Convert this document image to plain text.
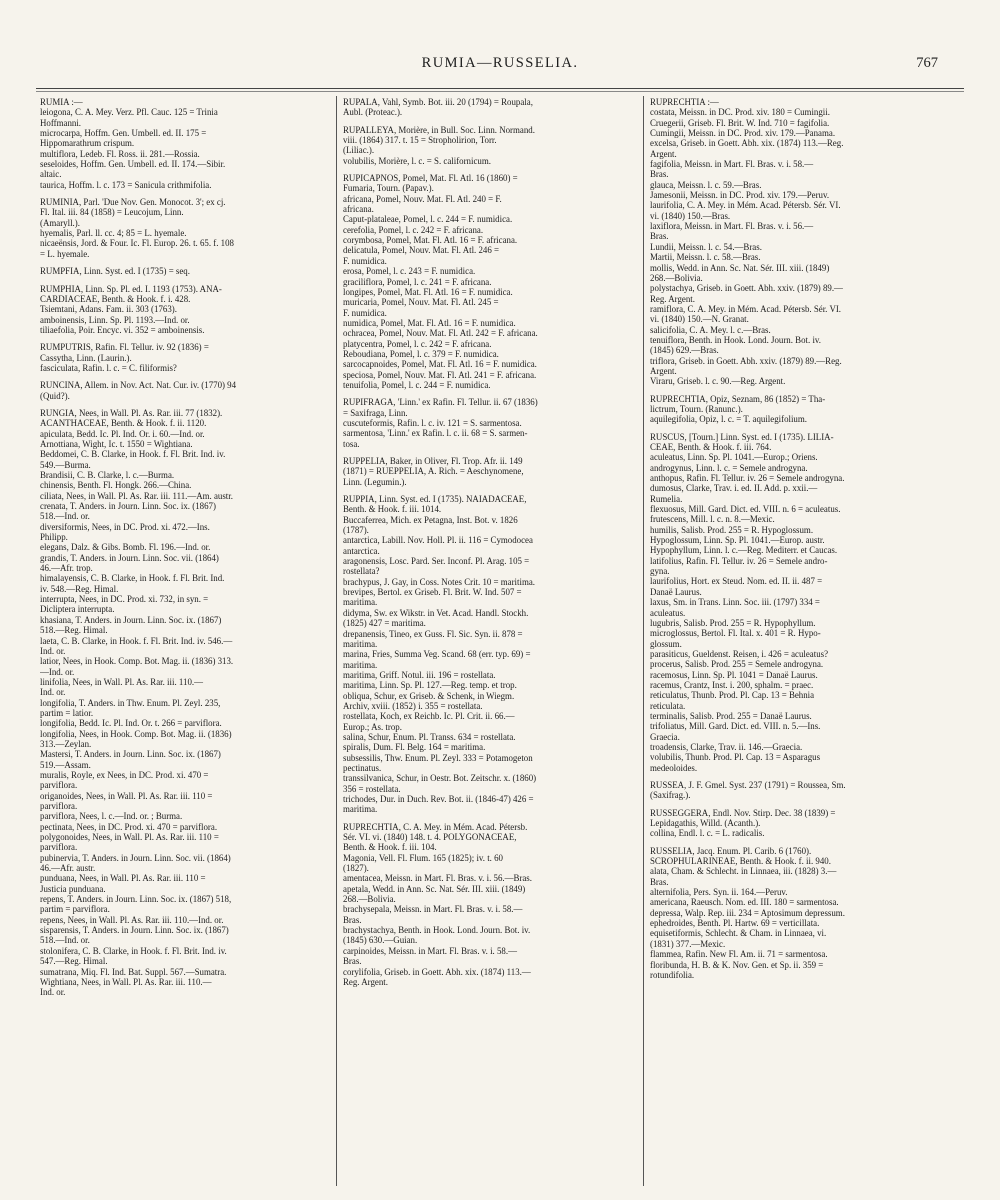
RUMIA—RUSSELIA.	767
RUMIA :—
leiogona, C. A. Mey. Verz. Pfl. Cauc. 125 = Trinia
Hoffmanni.
microcarpa, Hoffm. Gen. Umbell. ed. II. 175 =
Hippomarathrum crispum.
multiflora, Ledeb. Fl. Ross. ii. 281.—Rossia.
seseloides, Hoffm. Gen. Umbell. ed. II. 174.—Sibir.
altaic.
taurica, Hoffm. l. c. 173 = Sanicula crithmifolia.
RUMINIA, Parl. 'Due Nov. Gen. Monocot. 3'; ex cj.
Fl. Ital. iii. 84 (1858) = Leucojum, Linn.
(Amaryll.).
hyemalis, Parl. ll. cc. 4; 85 = L. hyemale.
nicaeënsis, Jord. & Four. Ic. Fl. Europ. 26. t. 65. f. 108
= L. hyemale.
RUMPFIA, Linn. Syst. ed. I (1735) = seq.
RUMPHIA, Linn. Sp. Pl. ed. I. 1193 (1753). ANA-
CARDIACEAE, Benth. & Hook. f. i. 428.
Tsiemtani, Adans. Fam. ii. 303 (1763).
amboinensis, Linn. Sp. Pl. 1193.—Ind. or.
tiliaefolia, Poir. Encyc. vi. 352 = amboinensis.
RUMPUTRIS, Rafin. Fl. Tellur. iv. 92 (1836) =
Cassytha, Linn. (Laurin.).
fasciculata, Rafin. l. c. = C. filiformis?
RUNCINA, Allem. in Nov. Act. Nat. Cur. iv. (1770) 94
(Quid?).
RUNGIA, Nees, in Wall. Pl. As. Rar. iii. 77 (1832).
ACANTHACEAE, Benth. & Hook. f. ii. 1120.
apiculata, Bedd. Ic. Pl. Ind. Or. i. 60.—Ind. or.
Arnottiana, Wight, Ic. t. 1550 = Wightiana.
Beddomei, C. B. Clarke, in Hook. f. Fl. Brit. Ind. iv.
549.—Burma.
Brandisii, C. B. Clarke, l. c.—Burma.
chinensis, Benth. Fl. Hongk. 266.—China.
ciliata, Nees, in Wall. Pl. As. Rar. iii. 111.—Am. austr.
crenata, T. Anders. in Journ. Linn. Soc. ix. (1867)
518.—Ind. or.
diversiformis, Nees, in DC. Prod. xi. 472.—Ins.
Philipp.
elegans, Dalz. & Gibs. Bomb. Fl. 196.—Ind. or.
grandis, T. Anders. in Journ. Linn. Soc. vii. (1864)
46.—Afr. trop.
himalayensis, C. B. Clarke, in Hook. f. Fl. Brit. Ind.
iv. 548.—Reg. Himal.
interrupta, Nees, in DC. Prod. xi. 732, in syn. =
Dicliptera interrupta.
khasiana, T. Anders. in Journ. Linn. Soc. ix. (1867)
518.—Reg. Himal.
laeta, C. B. Clarke, in Hook. f. Fl. Brit. Ind. iv. 546.—
Ind. or.
latior, Nees, in Hook. Comp. Bot. Mag. ii. (1836) 313.
—Ind. or.
linifolia, Nees, in Wall. Pl. As. Rar. iii. 110.—
Ind. or.
longifolia, T. Anders. in Thw. Enum. Pl. Zeyl. 235,
partim = latior.
longifolia, Bedd. Ic. Pl. Ind. Or. t. 266 = parviflora.
longifolia, Nees, in Hook. Comp. Bot. Mag. ii. (1836)
313.—Zeylan.
Mastersi, T. Anders. in Journ. Linn. Soc. ix. (1867)
519.—Assam.
muralis, Royle, ex Nees, in DC. Prod. xi. 470 =
parviflora.
origanoides, Nees, in Wall. Pl. As. Rar. iii. 110 =
parviflora.
parviflora, Nees, l. c.—Ind. or. ; Burma.
pectinata, Nees, in DC. Prod. xi. 470 = parviflora.
polygonoides, Nees, in Wall. Pl. As. Rar. iii. 110 =
parviflora.
pubinervia, T. Anders. in Journ. Linn. Soc. vii. (1864)
46.—Afr. austr.
punduana, Nees, in Wall. Pl. As. Rar. iii. 110 =
Justicia punduana.
repens, T. Anders. in Journ. Linn. Soc. ix. (1867) 518,
partim = parviflora.
repens, Nees, in Wall. Pl. As. Rar. iii. 110.—Ind. or.
sisparensis, T. Anders. in Journ. Linn. Soc. ix. (1867)
518.—Ind. or.
stolonifera, C. B. Clarke, in Hook. f. Fl. Brit. Ind. iv.
547.—Reg. Himal.
sumatrana, Miq. Fl. Ind. Bat. Suppl. 567.—Sumatra.
Wightiana, Nees, in Wall. Pl. As. Rar. iii. 110.—
Ind. or.
RUPALA, Vahl, Symb. Bot. iii. 20 (1794) = Roupala,
Aubl. (Proteac.).
RUPALLEYA, Morière, in Bull. Soc. Linn. Normand.
viii. (1864) 317. t. 15 = Stropholirion, Torr.
(Liliac.).
volubilis, Morière, l. c. = S. californicum.
RUPICAPNOS, Pomel, Mat. Fl. Atl. 16 (1860) =
Fumaria, Tourn. (Papav.).
africana, Pomel, Nouv. Mat. Fl. Atl. 240 = F.
africana.
Caput-plataleae, Pomel, l. c. 244 = F. numidica.
cerefolia, Pomel, l. c. 242 = F. africana.
corymbosa, Pomel, Mat. Fl. Atl. 16 = F. africana.
delicatula, Pomel, Nouv. Mat. Fl. Atl. 246 =
F. numidica.
erosa, Pomel, l. c. 243 = F. numidica.
graciliflora, Pomel, l. c. 241 = F. africana.
longipes, Pomel, Mat. Fl. Atl. 16 = F. numidica.
muricaria, Pomel, Nouv. Mat. Fl. Atl. 245 =
F. numidica.
numidica, Pomel, Mat. Fl. Atl. 16 = F. numidica.
ochracea, Pomel, Nouv. Mat. Fl. Atl. 242 = F. africana.
platycentra, Pomel, l. c. 242 = F. africana.
Reboudiana, Pomel, l. c. 379 = F. numidica.
sarcocapnoides, Pomel, Mat. Fl. Atl. 16 = F. numidica.
speciosa, Pomel, Nouv. Mat. Fl. Atl. 241 = F. africana.
tenuifolia, Pomel, l. c. 244 = F. numidica.
RUPIFRAGA, 'Linn.' ex Rafin. Fl. Tellur. ii. 67 (1836)
= Saxifraga, Linn.
cuscuteformis, Rafin. l. c. iv. 121 = S. sarmentosa.
sarmentosa, 'Linn.' ex Rafin. l. c. ii. 68 = S. sarmen-
tosa.
RUPPELIA, Baker, in Oliver, Fl. Trop. Afr. ii. 149
(1871) = RUEPPELIA, A. Rich. = Aeschynomene,
Linn. (Legumin.).
RUPPIA, Linn. Syst. ed. I (1735). NAIADACEAE,
Benth. & Hook. f. iii. 1014.
Buccaferrea, Mich. ex Petagna, Inst. Bot. v. 1826
(1787).
antarctica, Labill. Nov. Holl. Pl. ii. 116 = Cymodocea
antarctica.
aragonensis, Losc. Pard. Ser. Inconf. Pl. Arag. 105 =
rostellata?
brachypus, J. Gay, in Coss. Notes Crit. 10 = maritima.
brevipes, Bertol. ex Griseb. Fl. Brit. W. Ind. 507 =
maritima.
didyma, Sw. ex Wikstr. in Vet. Acad. Handl. Stockh.
(1825) 427 = maritima.
drepanensis, Tineo, ex Guss. Fl. Sic. Syn. ii. 878 =
maritima.
marina, Fries, Summa Veg. Scand. 68 (err. typ. 69) =
maritima.
maritima, Griff. Notul. iii. 196 = rostellata.
maritima, Linn. Sp. Pl. 127.—Reg. temp. et trop.
obliqua, Schur, ex Griseb. & Schenk, in Wiegm.
Archiv, xviii. (1852) i. 355 = rostellata.
rostellata, Koch, ex Reichb. Ic. Pl. Crit. ii. 66.—
Europ.; As. trop.
salina, Schur, Enum. Pl. Transs. 634 = rostellata.
spiralis, Dum. Fl. Belg. 164 = maritima.
subsessilis, Thw. Enum. Pl. Zeyl. 333 = Potamogeton
pectinatus.
transsilvanica, Schur, in Oestr. Bot. Zeitschr. x. (1860)
356 = rostellata.
trichodes, Dur. in Duch. Rev. Bot. ii. (1846-47) 426 =
maritima.
RUPRECHTIA, C. A. Mey. in Mém. Acad. Pétersb.
Sér. VI. vi. (1840) 148. t. 4. POLYGONACEAE,
Benth. & Hook. f. iii. 104.
Magonia, Vell. Fl. Flum. 165 (1825); iv. t. 60
(1827).
amentacea, Meissn. in Mart. Fl. Bras. v. i. 56.—Bras.
apetala, Wedd. in Ann. Sc. Nat. Sér. III. xiii. (1849)
268.—Bolivia.
brachysepala, Meissn. in Mart. Fl. Bras. v. i. 58.—
Bras.
brachystachya, Benth. in Hook. Lond. Journ. Bot. iv.
(1845) 630.—Guian.
carpinoides, Meissn. in Mart. Fl. Bras. v. i. 58.—
Bras.
corylifolia, Griseb. in Goett. Abh. xix. (1874) 113.—
Reg. Argent.
RUPRECHTIA :—
costata, Meissn. in DC. Prod. xiv. 180 = Cumingii.
Cruegerii, Griseb. Fl. Brit. W. Ind. 710 = fagifolia.
Cumingii, Meissn. in DC. Prod. xiv. 179.—Panama.
excelsa, Griseb. in Goett. Abh. xix. (1874) 113.—Reg.
Argent.
fagifolia, Meissn. in Mart. Fl. Bras. v. i. 58.—
Bras.
glauca, Meissn. l. c. 59.—Bras.
Jamesonii, Meissn. in DC. Prod. xiv. 179.—Peruv.
laurifolia, C. A. Mey. in Mém. Acad. Pétersb. Sér. VI.
vi. (1840) 150.—Bras.
laxiflora, Meissn. in Mart. Fl. Bras. v. i. 56.—
Bras.
Lundii, Meissn. l. c. 54.—Bras.
Martii, Meissn. l. c. 58.—Bras.
mollis, Wedd. in Ann. Sc. Nat. Sér. III. xiii. (1849)
268.—Bolivia.
polystachya, Griseb. in Goett. Abh. xxiv. (1879) 89.—
Reg. Argent.
ramiflora, C. A. Mey. in Mém. Acad. Pétersb. Sér. VI.
vi. (1840) 150.—N. Granat.
salicifolia, C. A. Mey. l. c.—Bras.
tenuiflora, Benth. in Hook. Lond. Journ. Bot. iv.
(1845) 629.—Bras.
triflora, Griseb. in Goett. Abh. xxiv. (1879) 89.—Reg.
Argent.
Viraru, Griseb. l. c. 90.—Reg. Argent.
RUPRECHTIA, Opiz, Seznam, 86 (1852) = Tha-
lictrum, Tourn. (Ranunc.).
aquilegifolia, Opiz, l. c. = T. aquilegifolium.
RUSCUS, [Tourn.] Linn. Syst. ed. I (1735). LILIA-
CEAE, Benth. & Hook. f. iii. 764.
aculeatus, Linn. Sp. Pl. 1041.—Europ.; Oriens.
androgynus, Linn. l. c. = Semele androgyna.
anthopus, Rafin. Fl. Tellur. iv. 26 = Semele androgyna.
dumosus, Clarke, Trav. i. ed. II. Add. p. xxii.—
Rumelia.
flexuosus, Mill. Gard. Dict. ed. VIII. n. 6 = aculeatus.
frutescens, Mill. l. c. n. 8.—Mexic.
humilis, Salisb. Prod. 255 = R. Hypoglossum.
Hypoglossum, Linn. Sp. Pl. 1041.—Europ. austr.
Hypophyllum, Linn. l. c.—Reg. Mediterr. et Caucas.
latifolius, Rafin. Fl. Tellur. iv. 26 = Semele andro-
gyna.
laurifolius, Hort. ex Steud. Nom. ed. II. ii. 487 =
Danaë Laurus.
laxus, Sm. in Trans. Linn. Soc. iii. (1797) 334 =
aculeatus.
lugubris, Salisb. Prod. 255 = R. Hypophyllum.
microglossus, Bertol. Fl. Ital. x. 401 = R. Hypo-
glossum.
parasiticus, Gueldenst. Reisen, i. 426 = aculeatus?
procerus, Salisb. Prod. 255 = Semele androgyna.
racemosus, Linn. Sp. Pl. 1041 = Danaë Laurus.
racemus, Crantz, Inst. i. 200, sphalm. = praec.
reticulatus, Thunb. Prod. Pl. Cap. 13 = Behnia
reticulata.
terminalis, Salisb. Prod. 255 = Danaë Laurus.
trifoliatus, Mill. Gard. Dict. ed. VIII. n. 5.—Ins.
Graecia.
troadensis, Clarke, Trav. ii. 146.—Graecia.
volubilis, Thunb. Prod. Pl. Cap. 13 = Asparagus
medeoloides.
RUSSEA, J. F. Gmel. Syst. 237 (1791) = Roussea, Sm.
(Saxifrag.).
RUSSEGGERA, Endl. Nov. Stirp. Dec. 38 (1839) =
Lepidagathis, Willd. (Acanth.).
collina, Endl. l. c. = L. radicalis.
RUSSELIA, Jacq. Enum. Pl. Carib. 6 (1760).
SCROPHULARINEAE, Benth. & Hook. f. ii. 940.
alata, Cham. & Schlecht. in Linnaea, iii. (1828) 3.—
Bras.
alternifolia, Pers. Syn. ii. 164.—Peruv.
americana, Raeusch. Nom. ed. III. 180 = sarmentosa.
depressa, Walp. Rep. iii. 234 = Aptosimum depressum.
ephedroides, Benth. Pl. Hartw. 69 = verticillata.
equisetiformis, Schlecht. & Cham. in Linnaea, vi.
(1831) 377.—Mexic.
flammea, Rafin. New Fl. Am. ii. 71 = sarmentosa.
floribunda, H. B. & K. Nov. Gen. et Sp. ii. 359 =
rotundifolia.
